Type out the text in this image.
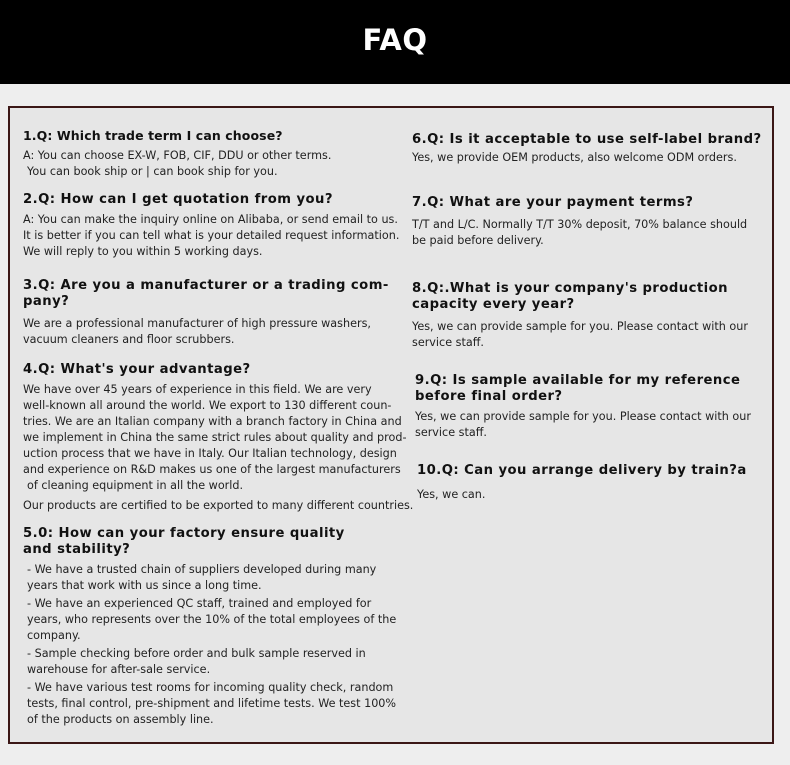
FAQ
1.Q: Which trade term I can choose?
A: You can choose EX-W, FOB, CIF, DDU or other terms.
You can book ship or | can book ship for you.
2.Q: How can I get quotation from you?
A: You can make the inquiry online on Alibaba, or send email to us.
It is better if you can tell what is your detailed request information.
We will reply to you within 5 working days.
3.Q: Are you a manufacturer or a trading com-
pany?
We are a professional manufacturer of high pressure washers,
vacuum cleaners and floor scrubbers.
4.Q: What's your advantage?
We have over 45 years of experience in this field. We are very
well-known all around the world. We export to 130 different coun-
tries. We are an Italian company with a branch factory in China and
we implement in China the same strict rules about quality and prod-
uction process that we have in Italy. Our Italian technology, design
and experience on R&D makes us one of the largest manufacturers
of cleaning equipment in all the world.
Our products are certified to be exported to many different countries.
5.0: How can your factory ensure quality
and stability?
- We have a trusted chain of suppliers developed during many
years that work with us since a long time.
- We have an experienced QC staff, trained and employed for
years, who represents over the 10% of the total employees of the
company.
- Sample checking before order and bulk sample reserved in
warehouse for after-sale service.
- We have various test rooms for incoming quality check, random
tests, final control, pre-shipment and lifetime tests. We test 100%
of the products on assembly line.
6.Q: Is it acceptable to use self-label brand?
Yes, we provide OEM products, also welcome ODM orders.
7.Q: What are your payment terms?
T/T and L/C. Normally T/T 30% deposit, 70% balance should
be paid before delivery.
8.Q:.What is your company's production
capacity every year?
Yes, we can provide sample for you. Please contact with our
service staff.
9.Q: Is sample available for my reference
before final order?
Yes, we can provide sample for you. Please contact with our
service staff.
10.Q: Can you arrange delivery by train?a
Yes, we can.
